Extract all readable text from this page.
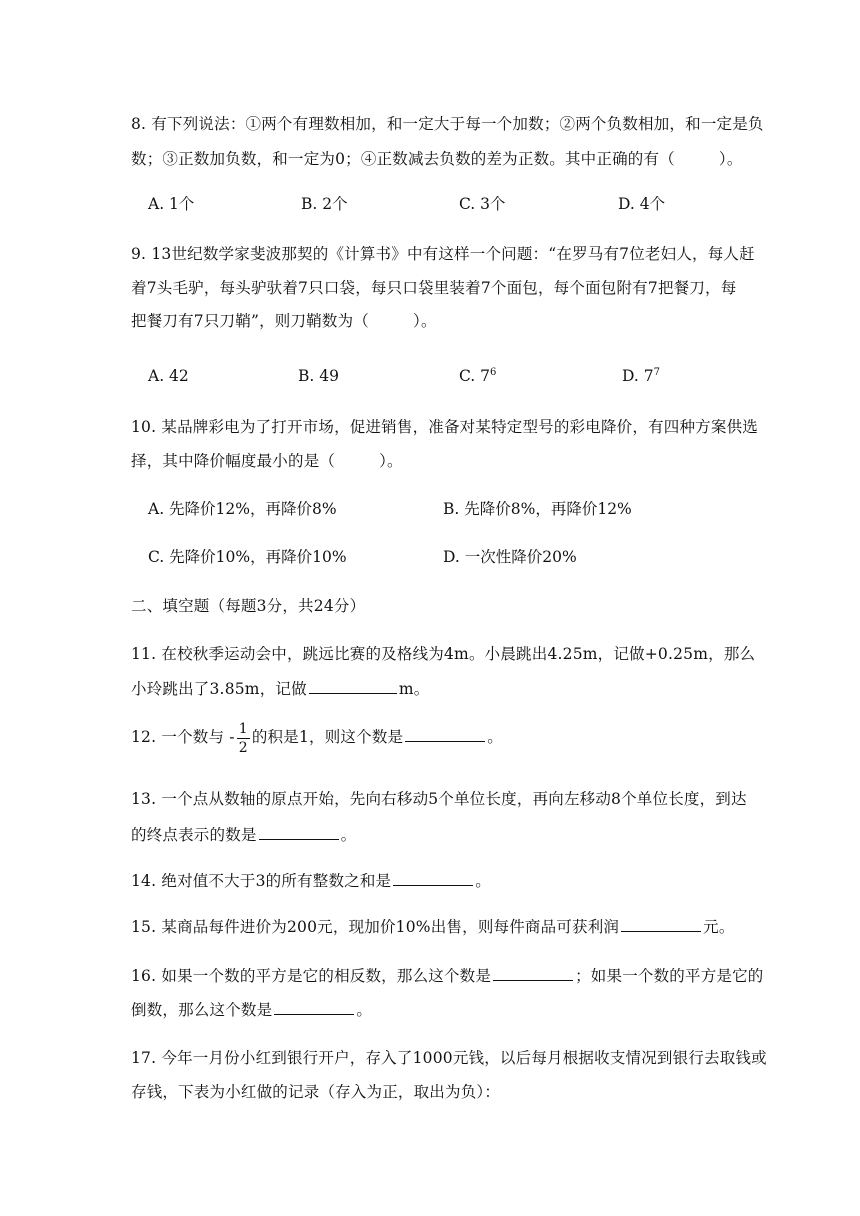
8. 有下列说法：①两个有理数相加，和一定大于每一个加数；②两个负数相加，和一定是负
数；③正数加负数，和一定为0；④正数减去负数的差为正数。其中正确的有（	）。
A. 1个	B. 2个	C. 3个	D. 4个
9. 13世纪数学家斐波那契的《计算书》中有这样一个问题：“在罗马有7位老妇人，每人赶
着7头毛驴，每头驴驮着7只口袋，每只口袋里装着7个面包，每个面包附有7把餐刀，每
把餐刀有7只刀鞘”，则刀鞘数为（	）。
A. 42	B. 49	C. $7^6$	D. $7^7$
10. 某品牌彩电为了打开市场，促进销售，准备对某特定型号的彩电降价，有四种方案供选
择，其中降价幅度最小的是（	）。
A. 先降价12%，再降价8%	B. 先降价8%，再降价12%
C. 先降价10%，再降价10%	D. 一次性降价20%
二、填空题（每题3分，共24分）
11. 在校秋季运动会中，跳远比赛的及格线为4m。小晨跳出4.25m，记做+0.25m，那么
小玲跳出了3.85m，记做	m。
12. 一个数与 - $\frac{1}{2}$ 的积是1，则这个数是	。
13. 一个点从数轴的原点开始，先向右移动5个单位长度，再向左移动8个单位长度，到达
的终点表示的数是	。
14. 绝对值不大于3的所有整数之和是	。
15. 某商品每件进价为200元，现加价10%出售，则每件商品可获利润	元。
16. 如果一个数的平方是它的相反数，那么这个数是	；如果一个数的平方是它的
倒数，那么这个数是	。
17. 今年一月份小红到银行开户，存入了1000元钱，以后每月根据收支情况到银行去取钱或
存钱，下表为小红做的记录（存入为正，取出为负）：
